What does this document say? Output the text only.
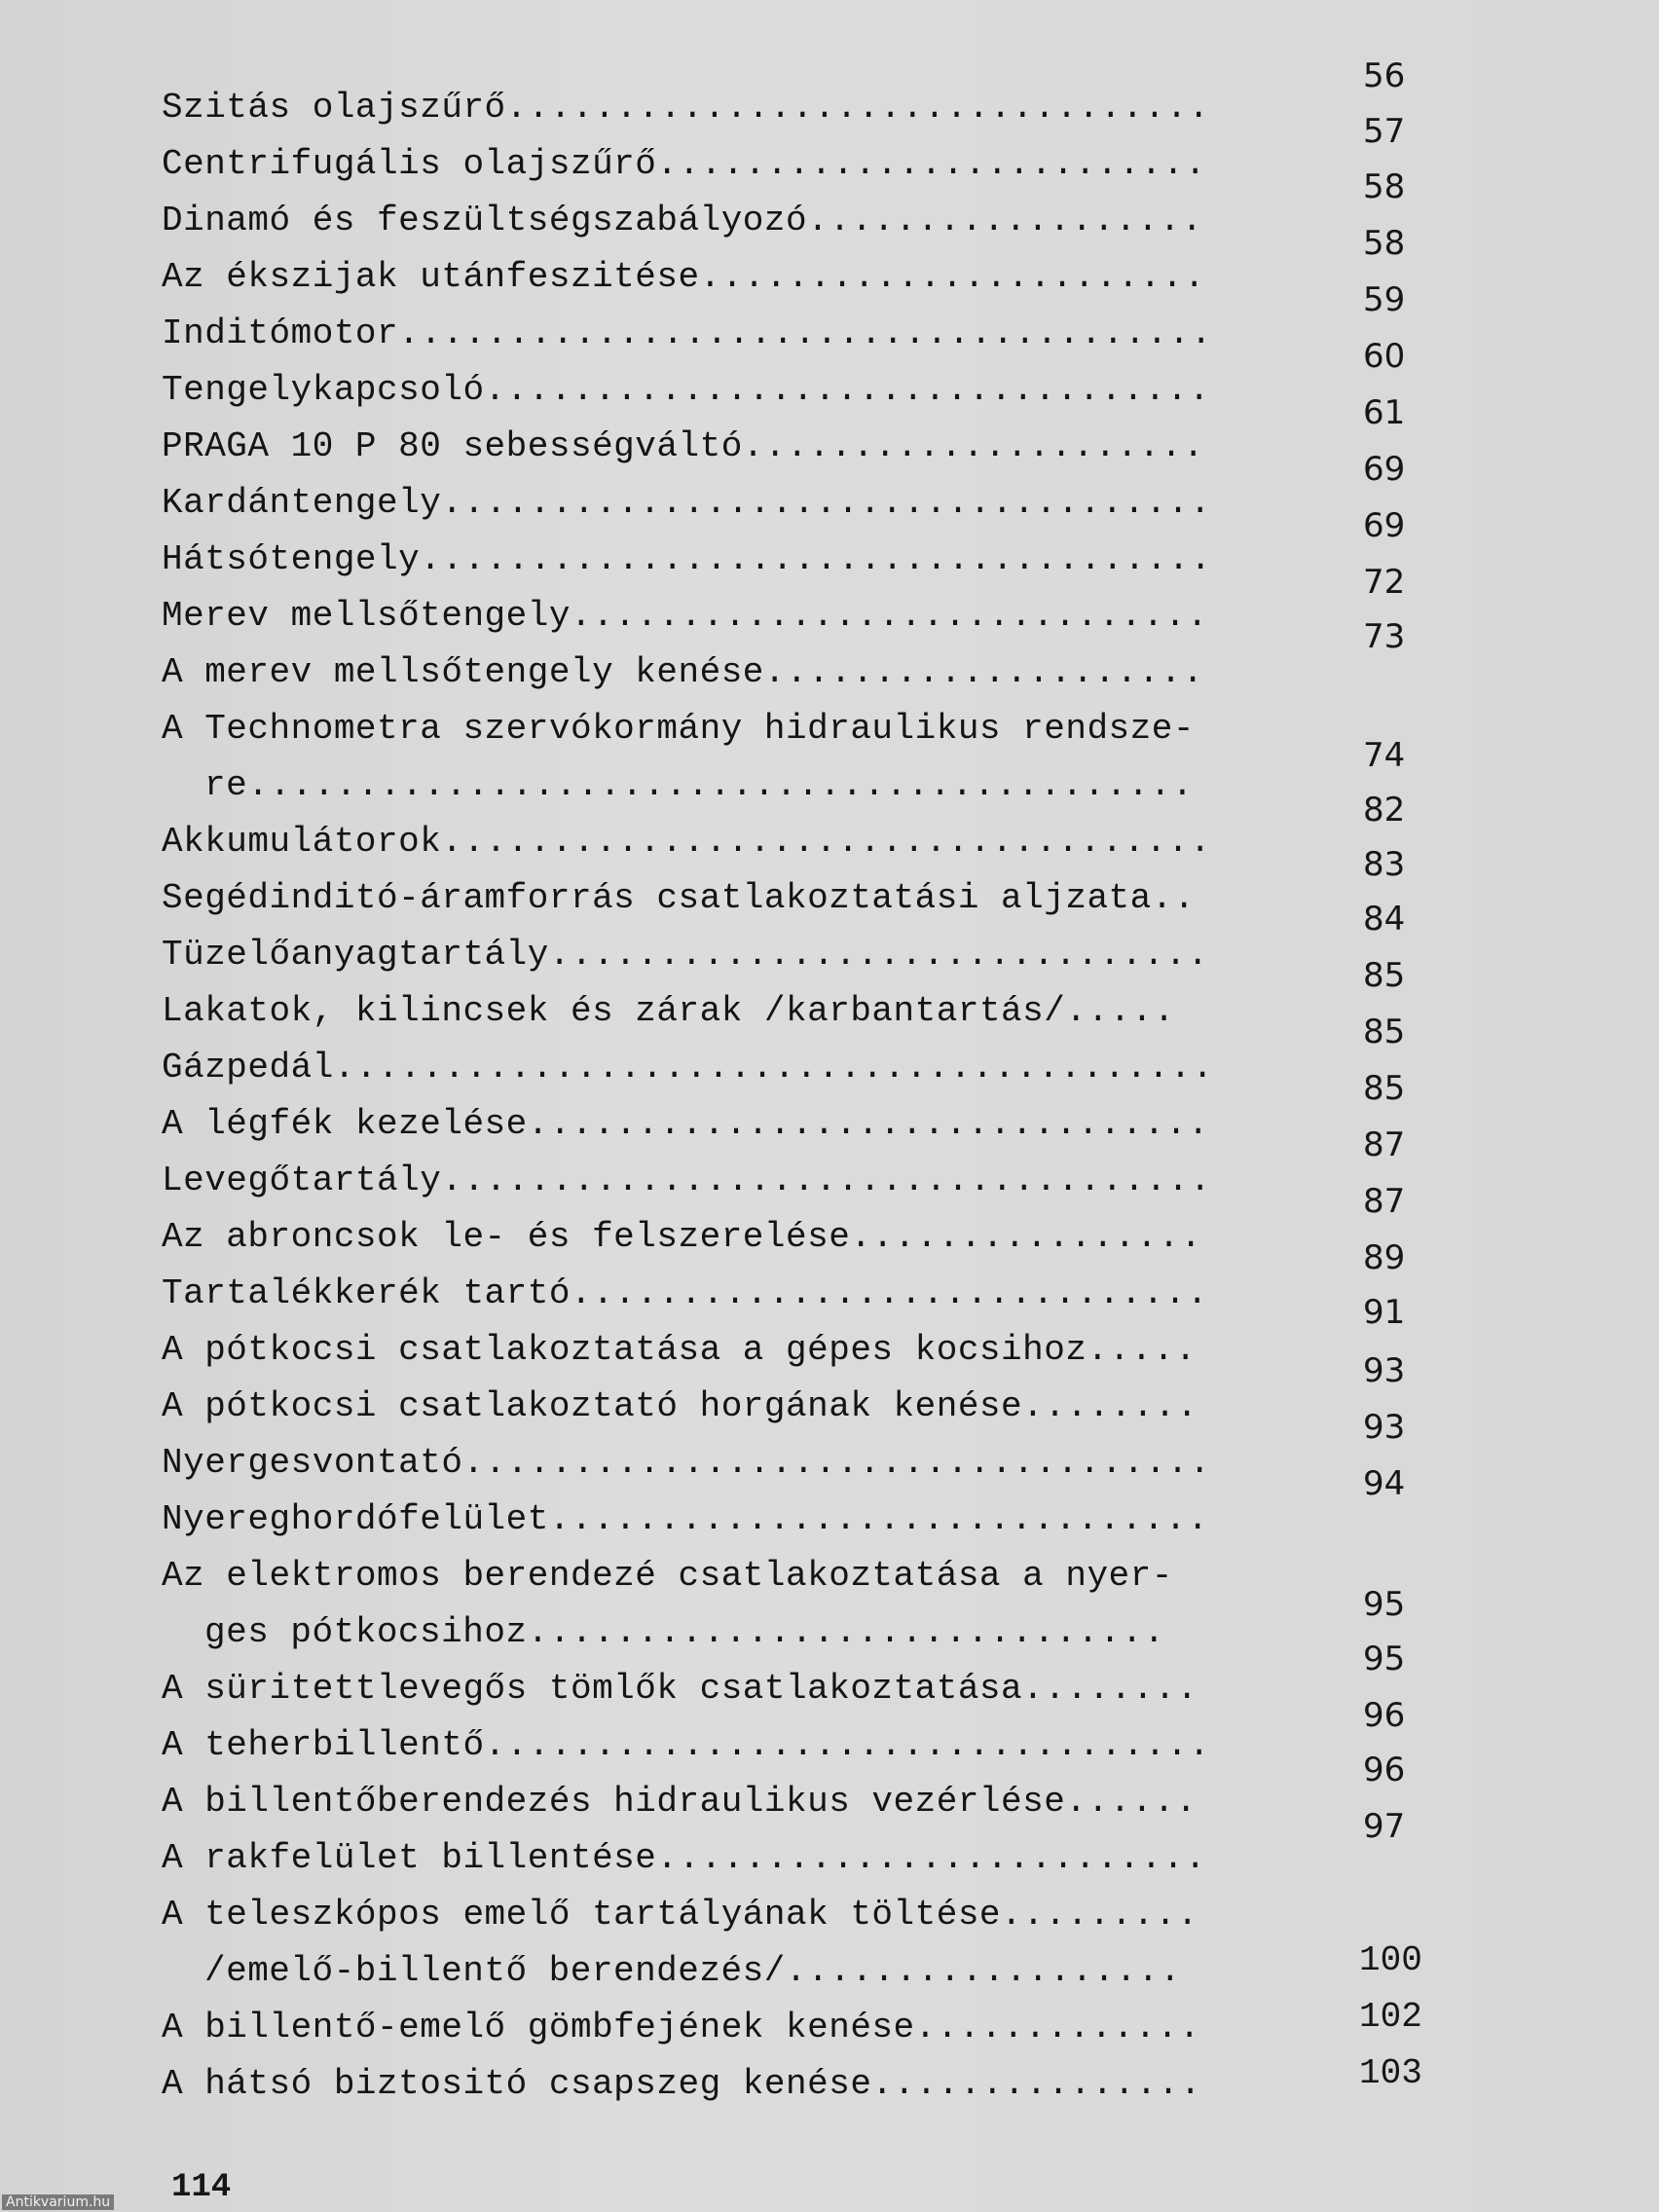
Szitás olajszűrő................................
Centrifugális olajszűrő.........................
Dinamó és feszültségszabályozó..................
Az ékszijak utánfeszitése.......................
Inditómotor.....................................
Tengelykapcsoló.................................
PRAGA 10 P 80 sebességváltó.....................
Kardántengely...................................
Hátsótengely....................................
Merev mellsőtengely.............................
A merev mellsőtengely kenése....................
A Technometra szervókormány hidraulikus rendsze-
re...........................................
Akkumulátorok...................................
Segédinditó-áramforrás csatlakoztatási aljzata..
Tüzelőanyagtartály..............................
Lakatok, kilincsek és zárak /karbantartás/.....
Gázpedál........................................
A légfék kezelése...............................
Levegőtartály...................................
Az abroncsok le- és felszerelése................
Tartalékkerék tartó.............................
A pótkocsi csatlakoztatása a gépes kocsihoz.....
A pótkocsi csatlakoztató horgának kenése........
Nyergesvontató..................................
Nyereghordófelület..............................
Az elektromos berendezé csatlakoztatása a nyer-
ges pótkocsihoz.............................
A süritettlevegős tömlők csatlakoztatása........
A teherbillentő.................................
A billentőberendezés hidraulikus vezérlése......
A rakfelület billentése.........................
A teleszkópos emelő tartályának töltése.........
/emelő-billentő berendezés/..................
A billentő-emelő gömbfejének kenése.............
A hátsó biztositó csapszeg kenése...............
56
57
58
58
59
60
61
69
69
72
73
74
82
83
84
85
85
85
87
87
89
91
93
93
94
95
95
96
96
97
100
102
103
114
Antikvarium.hu
